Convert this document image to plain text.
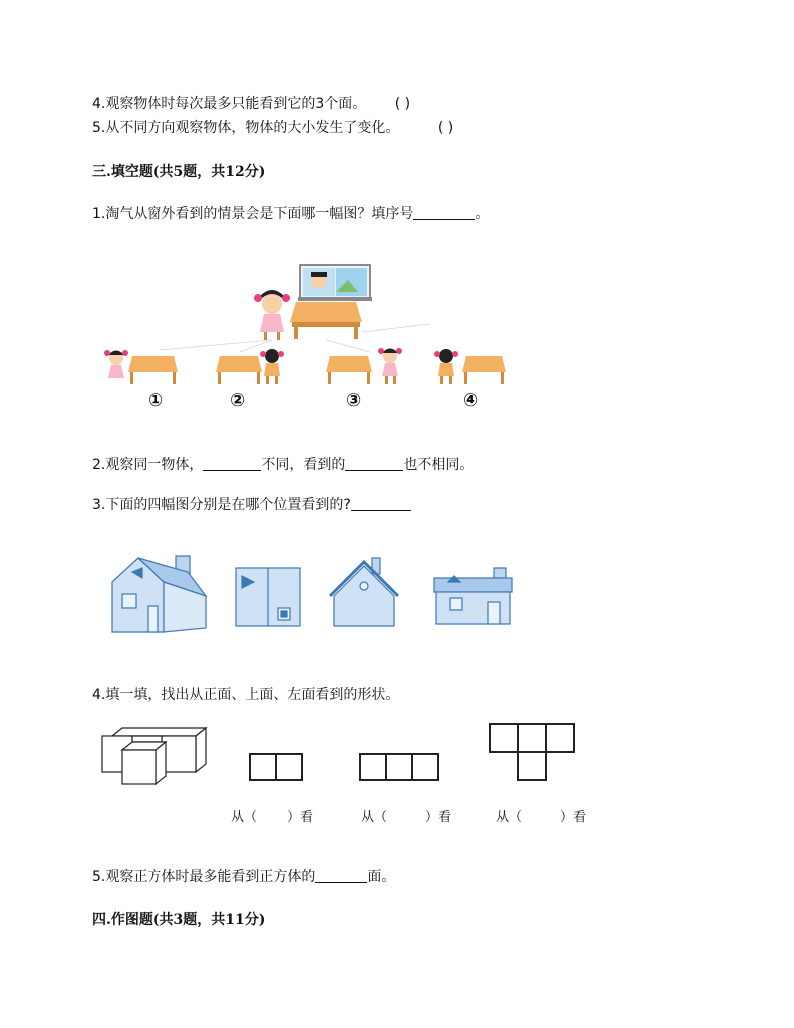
4.观察物体时每次最多只能看到它的3个面。 ( )
5.从不同方向观察物体，物体的大小发生了变化。	( )
三.填空题(共5题，共12分)
1.淘气从窗外看到的情景会是下面哪一幅图？填序号	。
①	②	③	④
2.观察同一物体，	不同，看到的	也不相同。
3.下面的四幅图分别是在哪个位置看到的?
4.填一填，找出从正面、上面、左面看到的形状。
从（ ）看	从（	）看	从（	）看
5.观察正方体时最多能看到正方体的	面。
四.作图题(共3题，共11分)
